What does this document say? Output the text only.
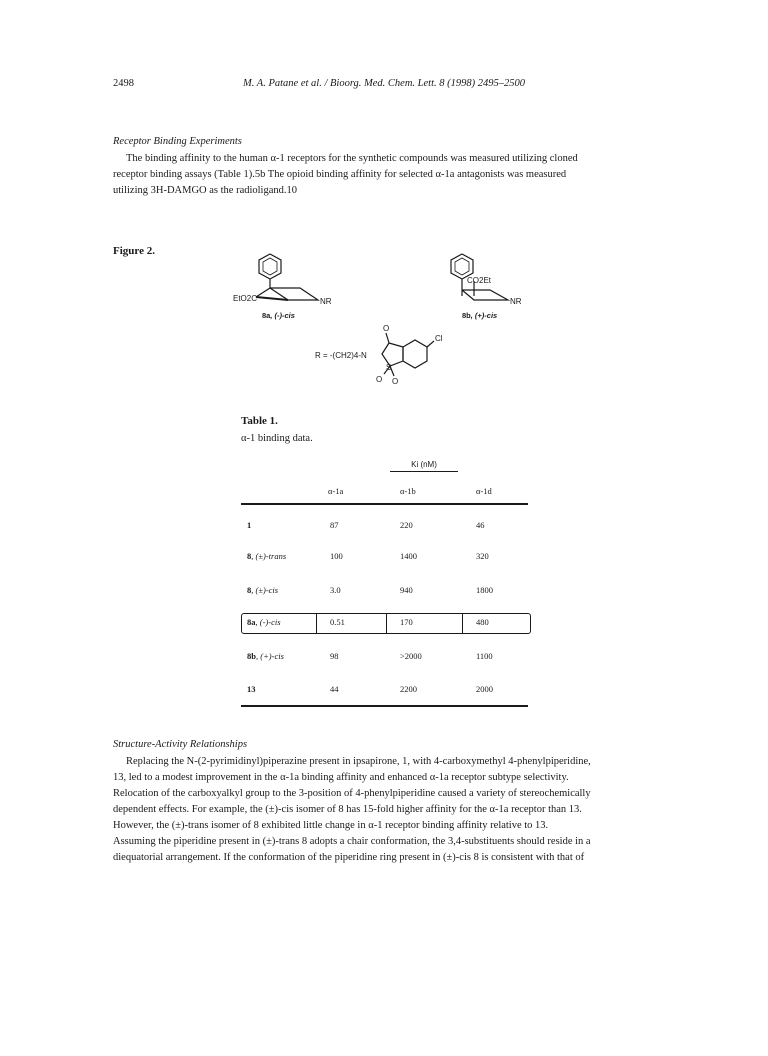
2498	M. A. Patane et al. / Bioorg. Med. Chem. Lett. 8 (1998) 2495–2500
Receptor Binding Experiments
The binding affinity to the human α-1 receptors for the synthetic compounds was measured utilizing cloned
receptor binding assays (Table 1).5b The opioid binding affinity for selected α-1a antagonists was measured
utilizing 3H-DAMGO as the radioligand.10
Figure 2.
EtO2C	NR
CO2Et
NR
R = -(CH2)4-N
O
S
O O
Cl
8a, (-)-cis	8b, (+)-cis
Table 1.
α-1 binding data.
Ki (nM)
α-1a	α-1b	α-1d
1	87	220	46
8, (±)-trans	100	1400	320
8, (±)-cis	3.0	940	1800
8a, (-)-cis	0.51	170	480
8b, (+)-cis	98	>2000	1100
13	44	2200	2000
Structure-Activity Relationships
Replacing the N-(2-pyrimidinyl)piperazine present in ipsapirone, 1, with 4-carboxymethyl 4-phenylpiperidine,
13, led to a modest improvement in the α-1a binding affinity and enhanced α-1a receptor subtype selectivity.
Relocation of the carboxyalkyl group to the 3-position of 4-phenylpiperidine caused a variety of stereochemically
dependent effects. For example, the (±)-cis isomer of 8 has 15-fold higher affinity for the α-1a receptor than 13.
However, the (±)-trans isomer of 8 exhibited little change in α-1 receptor binding affinity relative to 13.
Assuming the piperidine present in (±)-trans 8 adopts a chair conformation, the 3,4-substituents should reside in a
diequatorial arrangement. If the conformation of the piperidine ring present in (±)-cis 8 is consistent with that of
